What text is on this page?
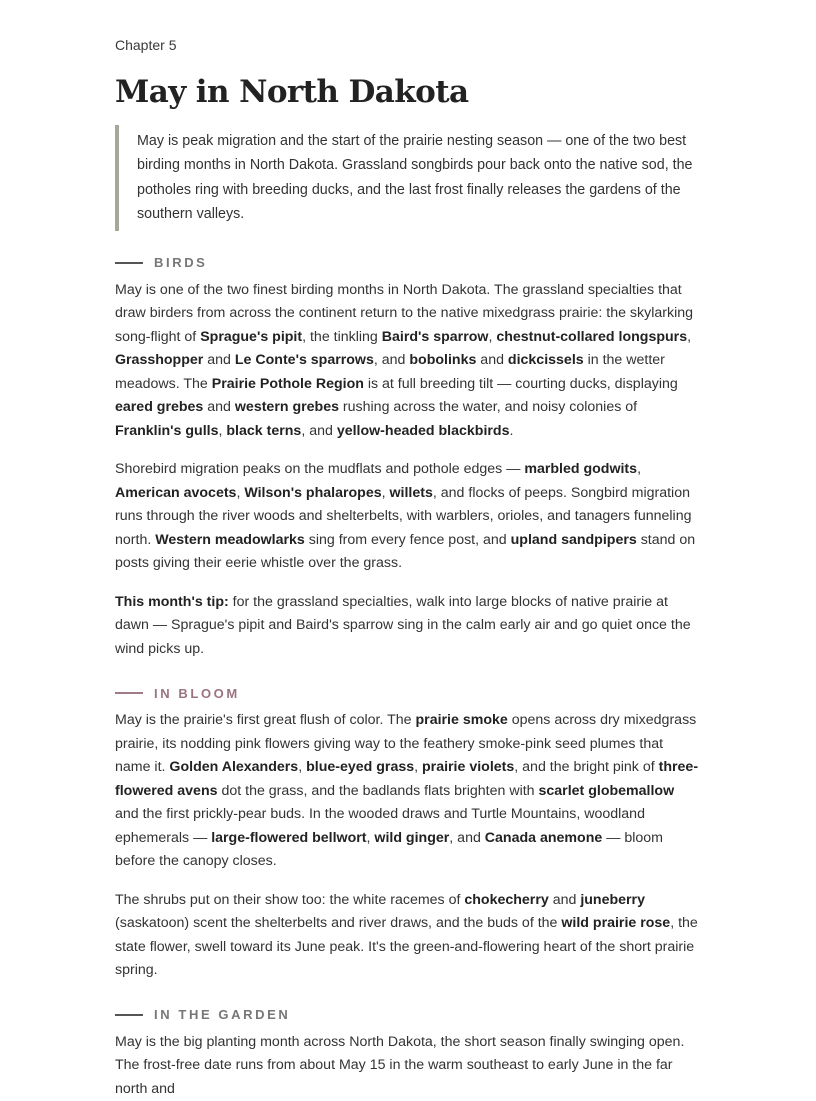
Chapter 5

May in North Dakota
May is peak migration and the start of the prairie nesting season — one of the two best birding months in North Dakota. Grassland songbirds pour back onto the native sod, the potholes ring with breeding ducks, and the last frost finally releases the gardens of the southern valleys.
BIRDS

May is one of the two finest birding months in North Dakota. The grassland specialties that draw birders from across the continent return to the native mixedgrass prairie: the skylarking song-flight of Sprague's pipit, the tinkling Baird's sparrow, chestnut-collared longspurs, Grasshopper and Le Conte's sparrows, and bobolinks and dickcissels in the wetter meadows. The Prairie Pothole Region is at full breeding tilt — courting ducks, displaying eared grebes and western grebes rushing across the water, and noisy colonies of Franklin's gulls, black terns, and yellow-headed blackbirds.

Shorebird migration peaks on the mudflats and pothole edges — marbled godwits, American avocets, Wilson's phalaropes, willets, and flocks of peeps. Songbird migration runs through the river woods and shelterbelts, with warblers, orioles, and tanagers funneling north. Western meadowlarks sing from every fence post, and upland sandpipers stand on posts giving their eerie whistle over the grass.

This month's tip: for the grassland specialties, walk into large blocks of native prairie at dawn — Sprague's pipit and Baird's sparrow sing in the calm early air and go quiet once the wind picks up.

IN BLOOM

May is the prairie's first great flush of color. The prairie smoke opens across dry mixedgrass prairie, its nodding pink flowers giving way to the feathery smoke-pink seed plumes that name it. Golden Alexanders, blue-eyed grass, prairie violets, and the bright pink of three-flowered avens dot the grass, and the badlands flats brighten with scarlet globemallow and the first prickly-pear buds. In the wooded draws and Turtle Mountains, woodland ephemerals — large-flowered bellwort, wild ginger, and Canada anemone — bloom before the canopy closes.

The shrubs put on their show too: the white racemes of chokecherry and juneberry (saskatoon) scent the shelterbelts and river draws, and the buds of the wild prairie rose, the state flower, swell toward its June peak. It's the green-and-flowering heart of the short prairie spring.

IN THE GARDEN

May is the big planting month across North Dakota, the short season finally swinging open. The frost-free date runs from about May 15 in the warm southeast to early June in the far north and
